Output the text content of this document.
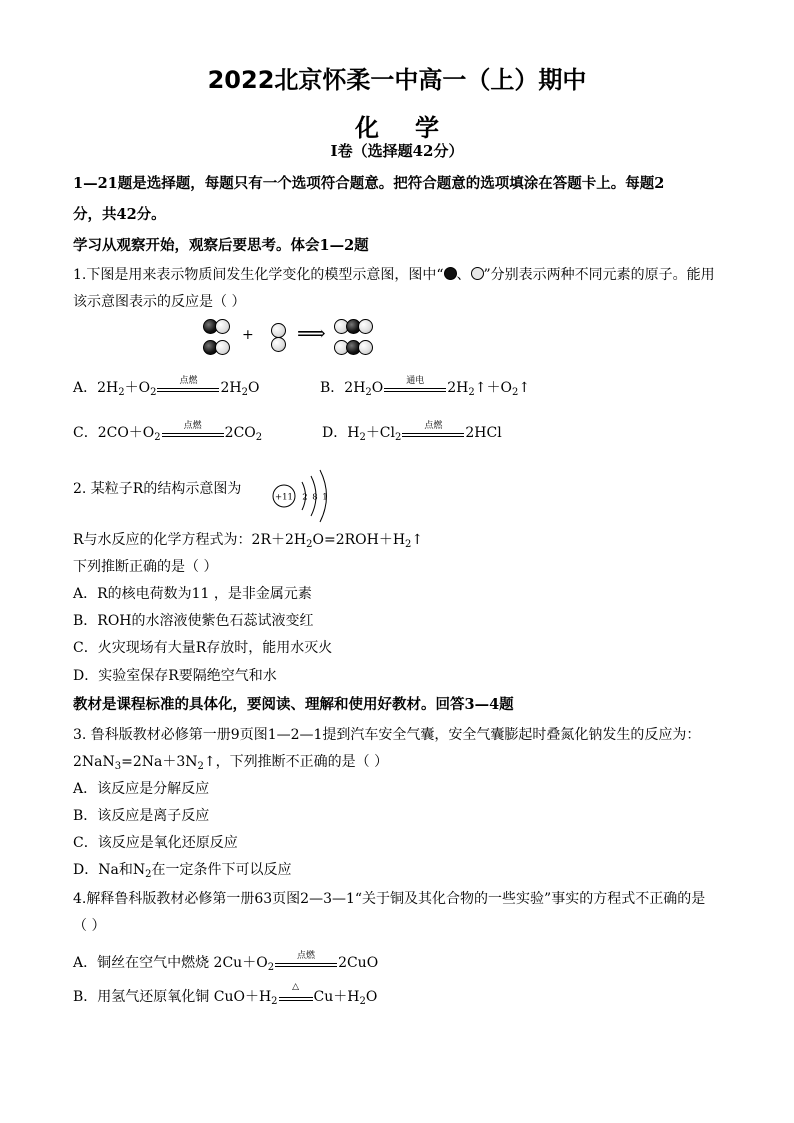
2022北京怀柔一中高一（上）期中
化学
Ⅰ卷（选择题42分）
1—21题是选择题，每题只有一个选项符合题意。把符合题意的选项填涂在答题卡上。每题2
分，共42分。
学习从观察开始，观察后要思考。体会1—2题
1.下图是用来表示物质间发生化学变化的模型示意图，图中“ 、 ”分别表示两种不同元素的原子。能用
该示意图表示的反应是（ ）
+ ⟹
A．$2H_2+O_2$
点燃	$2H_2O$	B．$2H_2O$	通电	$2H_2↑+O_2↑$
C．$2CO+O_2$
点燃	$2CO_2$	D．$H_2+Cl_2$
点燃	2HCl
2. 某粒子R的结构示意图为
+11 2 8 1
R与水反应的化学方程式为：$2R+2H_2O=2ROH+H_2↑$
下列推断正确的是（ ）
A．R的核电荷数为11 ，是非金属元素
B．ROH的水溶液使紫色石蕊试液变红
C．火灾现场有大量R存放时，能用水灭火
D．实验室保存R要隔绝空气和水
教材是课程标准的具体化，要阅读、理解和使用好教材。回答3—4题
3. 鲁科版教材必修第一册9页图1—2—1提到汽车安全气囊，安全气囊膨起时叠氮化钠发生的反应为：
$2NaN_3=2Na+3N_2↑$，下列推断不正确的是（ ）
A．该反应是分解反应
B．该反应是离子反应
C．该反应是氧化还原反应
D．Na和$N_2$在一定条件下可以反应
4.解释鲁科版教材必修第一册63页图2—3—1“关于铜及其化合物的一些实验”事实的方程式不正确的是
（ ）
A．铜丝在空气中燃烧 $2Cu+O_2$
点燃	2CuO
B．用氢气还原氧化铜 $CuO+H_2$
△
$Cu+H_2O$
